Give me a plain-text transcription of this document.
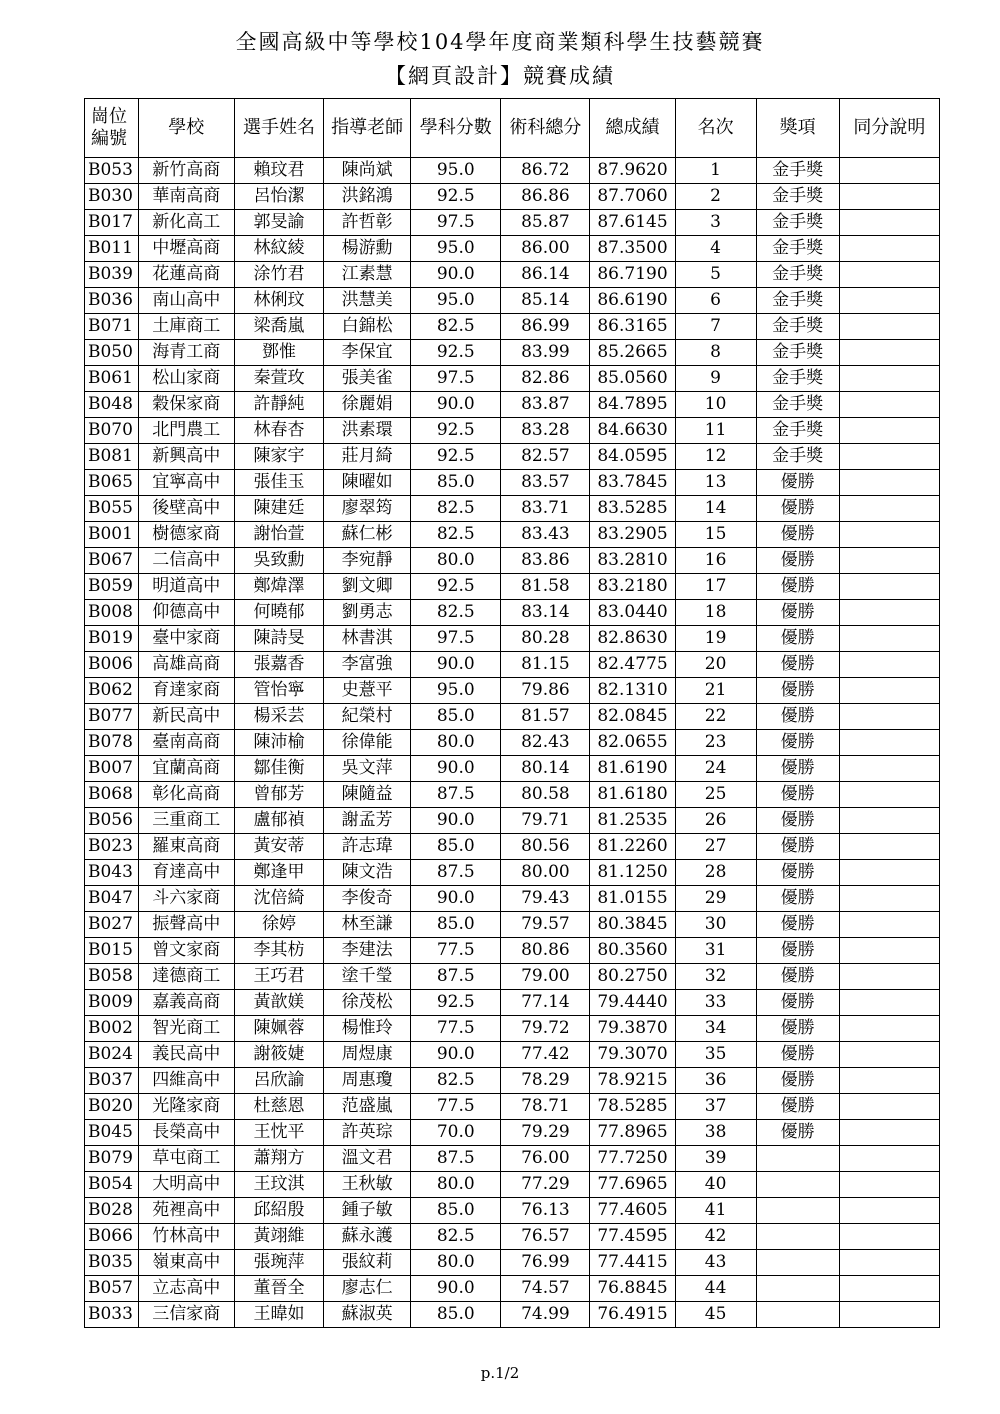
全國高級中等學校104學年度商業類科學生技藝競賽
【網頁設計】競賽成績
崗位編號	學校	選手姓名	指導老師	學科分數	術科總分	總成績	名次	獎項	同分說明
B053	新竹高商	賴玟君	陳尚斌	95.0	86.72	87.9620	1	金手獎	
B030	華南高商	呂怡潔	洪銘鴻	92.5	86.86	87.7060	2	金手獎	
B017	新化高工	郭旻諭	許哲彰	97.5	85.87	87.6145	3	金手獎	
B011	中壢高商	林紋綾	楊游勳	95.0	86.00	87.3500	4	金手獎	
B039	花蓮高商	涂竹君	江素慧	90.0	86.14	86.7190	5	金手獎	
B036	南山高中	林俐玟	洪慧美	95.0	85.14	86.6190	6	金手獎	
B071	土庫商工	梁喬嵐	白錦松	82.5	86.99	86.3165	7	金手獎	
B050	海青工商	鄧惟	李保宜	92.5	83.99	85.2665	8	金手獎	
B061	松山家商	秦萱玫	張美雀	97.5	82.86	85.0560	9	金手獎	
B048	穀保家商	許靜純	徐麗娟	90.0	83.87	84.7895	10	金手獎	
B070	北門農工	林春杏	洪素環	92.5	83.28	84.6630	11	金手獎	
B081	新興高中	陳家宇	莊月綺	92.5	82.57	84.0595	12	金手獎	
B065	宜寧高中	張佳玉	陳曜如	85.0	83.57	83.7845	13	優勝	
B055	後壁高中	陳建廷	廖翠筠	82.5	83.71	83.5285	14	優勝	
B001	樹德家商	謝怡萱	蘇仁彬	82.5	83.43	83.2905	15	優勝	
B067	二信高中	吳致勳	李宛靜	80.0	83.86	83.2810	16	優勝	
B059	明道高中	鄭煒澤	劉文卿	92.5	81.58	83.2180	17	優勝	
B008	仰德高中	何曉郁	劉勇志	82.5	83.14	83.0440	18	優勝	
B019	臺中家商	陳詩旻	林書淇	97.5	80.28	82.8630	19	優勝	
B006	高雄高商	張䕒香	李富強	90.0	81.15	82.4775	20	優勝	
B062	育達家商	管怡寧	史薏平	95.0	79.86	82.1310	21	優勝	
B077	新民高中	楊采芸	紀榮村	85.0	81.57	82.0845	22	優勝	
B078	臺南高商	陳沛榆	徐偉能	80.0	82.43	82.0655	23	優勝	
B007	宜蘭高商	鄒佳衡	吳文萍	90.0	80.14	81.6190	24	優勝	
B068	彰化高商	曾郁芳	陳隨益	87.5	80.58	81.6180	25	優勝	
B056	三重商工	盧郁禎	謝孟芳	90.0	79.71	81.2535	26	優勝	
B023	羅東高商	黃安蒂	許志瑋	85.0	80.56	81.2260	27	優勝	
B043	育達高中	鄭逢甲	陳文浩	87.5	80.00	81.1250	28	優勝	
B047	斗六家商	沈倍綺	李俊奇	90.0	79.43	81.0155	29	優勝	
B027	振聲高中	徐婷	林至謙	85.0	79.57	80.3845	30	優勝	
B015	曾文家商	李其枋	李建法	77.5	80.86	80.3560	31	優勝	
B058	達德商工	王巧君	塗千瑩	87.5	79.00	80.2750	32	優勝	
B009	嘉義高商	黃歆媄	徐茂松	92.5	77.14	79.4440	33	優勝	
B002	智光商工	陳姵蓉	楊惟玲	77.5	79.72	79.3870	34	優勝	
B024	義民高中	謝筱婕	周煜康	90.0	77.42	79.3070	35	優勝	
B037	四維高中	呂欣諭	周惠瓊	82.5	78.29	78.9215	36	優勝	
B020	光隆家商	杜慈恩	范盛嵐	77.5	78.71	78.5285	37	優勝	
B045	長榮高中	王忱平	許英琮	70.0	79.29	77.8965	38	優勝	
B079	草屯商工	蕭翔方	溫文君	87.5	76.00	77.7250	39		
B054	大明高中	王玟淇	王秋敏	80.0	77.29	77.6965	40		
B028	苑裡高中	邱紹殷	鍾子敏	85.0	76.13	77.4605	41		
B066	竹林高中	黃翊維	蘇永護	82.5	76.57	77.4595	42		
B035	嶺東高中	張琬萍	張紋莉	80.0	76.99	77.4415	43		
B057	立志高中	董晉全	廖志仁	90.0	74.57	76.8845	44		
B033	三信家商	王暐如	蘇淑英	85.0	74.99	76.4915	45		
p.1/2
